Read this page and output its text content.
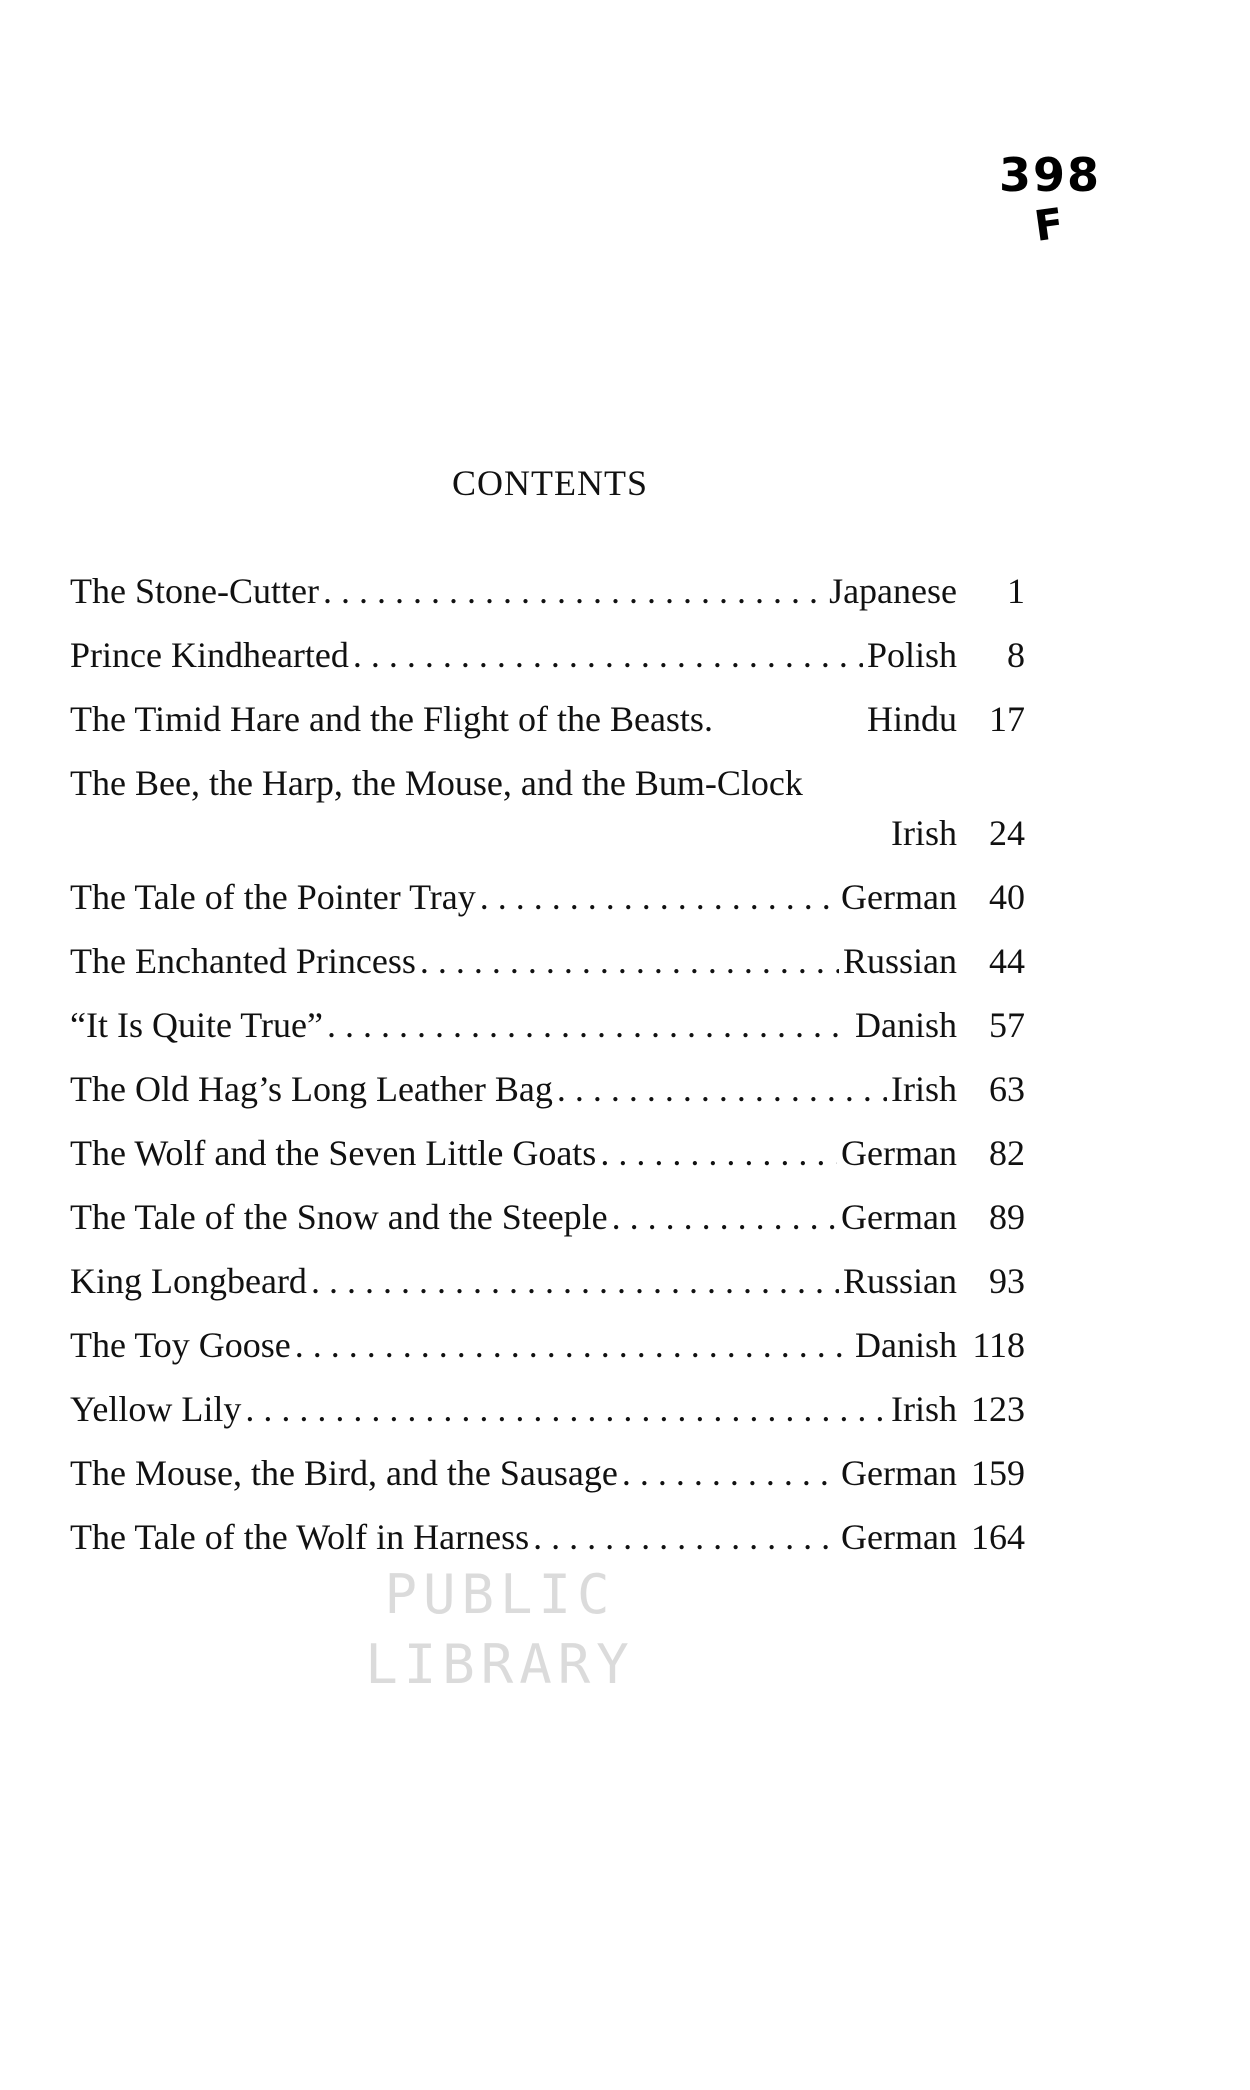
398
F
CONTENTS
The Stone-Cutter . . .	Japanese	1
Prince Kindhearted . . .	Polish	8
The Timid Hare and the Flight of the Beasts.	Hindu 17
The Bee, the Harp, the Mouse, and the Bum-Clock
Irish 24
The Tale of the Pointer Tray . . .	German 40
The Enchanted Princess . . .	Russian 44
“It Is Quite True” . . .	Danish 57
The Old Hag’s Long Leather Bag . . .	Irish 63
The Wolf and the Seven Little Goats . . .	German 82
The Tale of the Snow and the Steeple . . .	German 89
King Longbeard . . .	Russian 93
The Toy Goose . . .	Danish 118
Yellow Lily . . .	Irish 123
The Mouse, the Bird, and the Sausage . . .	German 159
The Tale of the Wolf in Harness . . .	German 164
PUBLIC
LIBRARY
